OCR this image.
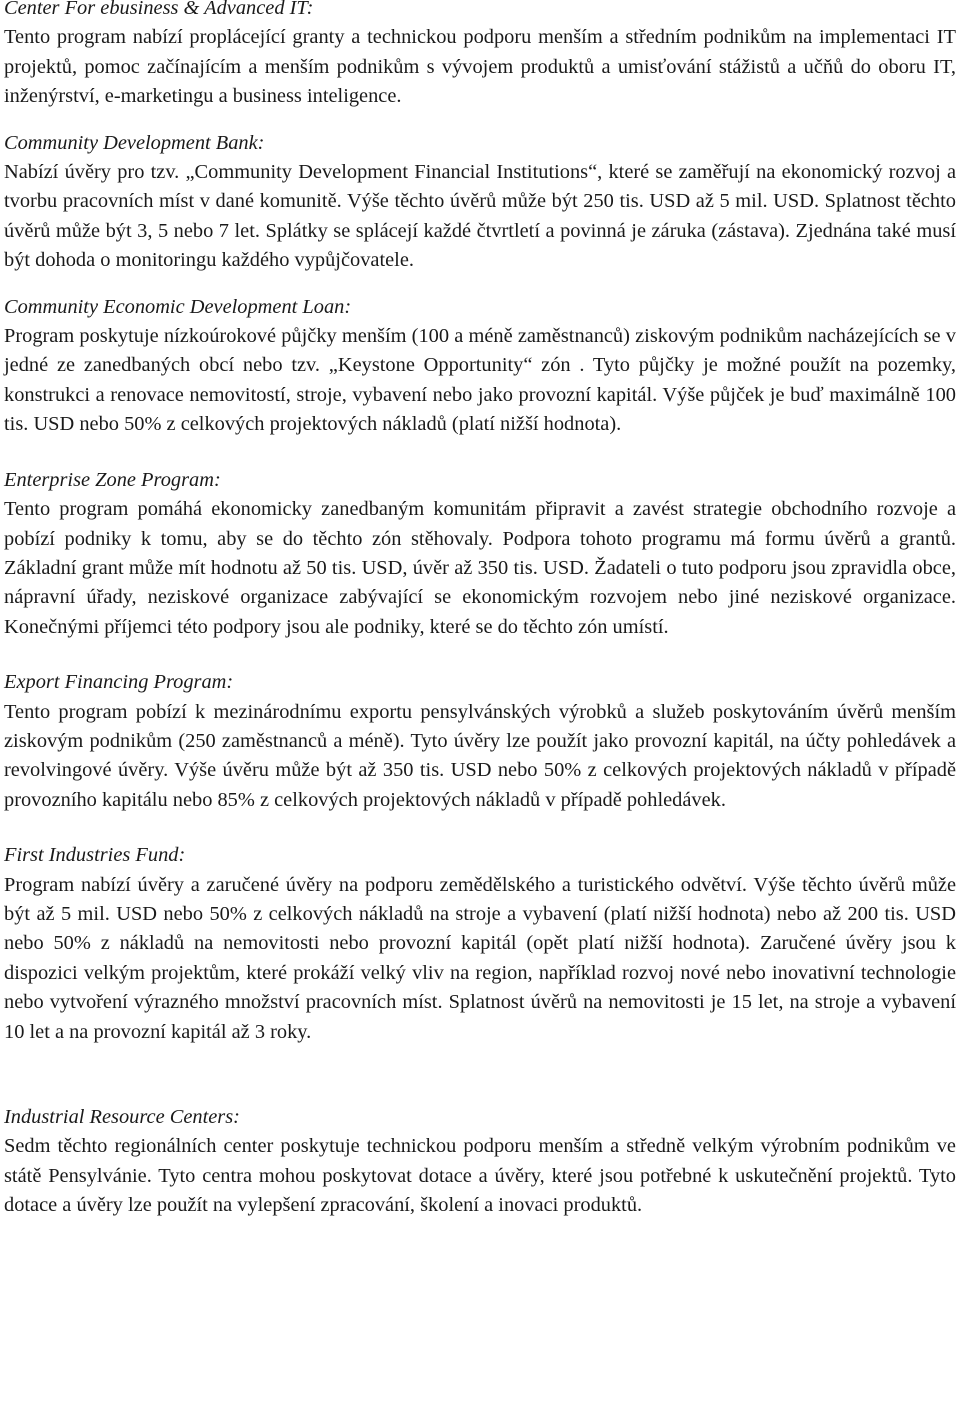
Center For ebusiness & Advanced IT:
Tento program nabízí proplácející granty a technickou podporu menším a středním podnikům na implementaci IT projektů, pomoc začínajícím a menším podnikům s vývojem produktů a umisťování stážistů a učňů do oboru IT, inženýrství, e-marketingu a business inteligence.
Community Development Bank:
Nabízí úvěry pro tzv. „Community Development Financial Institutions“, které se zaměřují na ekonomický rozvoj a tvorbu pracovních míst v dané komunitě. Výše těchto úvěrů může být 250 tis. USD až 5 mil. USD. Splatnost těchto úvěrů může být 3, 5 nebo 7 let. Splátky se splácejí každé čtvrtletí a povinná je záruka (zástava). Zjednána také musí být dohoda o monitoringu každého vypůjčovatele.
Community Economic Development Loan:
Program poskytuje nízkoúrokové půjčky menším (100 a méně zaměstnanců) ziskovým podnikům nacházejících se v jedné ze zanedbaných obcí nebo tzv. „Keystone Opportunity“ zón . Tyto půjčky je možné použít na pozemky, konstrukci a renovace nemovitostí, stroje, vybavení nebo jako provozní kapitál. Výše půjček je buď maximálně 100 tis. USD nebo 50% z celkových projektových nákladů (platí nižší hodnota).
Enterprise Zone Program:
Tento program pomáhá ekonomicky zanedbaným komunitám připravit a zavést strategie obchodního rozvoje a pobízí podniky k tomu, aby se do těchto zón stěhovaly. Podpora tohoto programu má formu úvěrů a grantů. Základní grant může mít hodnotu až 50 tis. USD, úvěr až 350 tis. USD. Žadateli o tuto podporu jsou zpravidla obce, nápravní úřady, neziskové organizace zabývající se ekonomickým rozvojem nebo jiné neziskové organizace. Konečnými příjemci této podpory jsou ale podniky, které se do těchto zón umístí.
Export Financing Program:
Tento program pobízí k mezinárodnímu exportu pensylvánských výrobků a služeb poskytováním úvěrů menším ziskovým podnikům (250 zaměstnanců a méně). Tyto úvěry lze použít jako provozní kapitál, na účty pohledávek a revolvingové úvěry. Výše úvěru může být až 350 tis. USD nebo 50% z celkových projektových nákladů v případě provozního kapitálu nebo 85% z celkových projektových nákladů v případě pohledávek.
First Industries Fund:
Program nabízí úvěry a zaručené úvěry na podporu zemědělského a turistického odvětví. Výše těchto úvěrů může být až 5 mil. USD nebo 50% z celkových nákladů na stroje a vybavení (platí nižší hodnota) nebo až 200 tis. USD nebo 50% z nákladů na nemovitosti nebo provozní kapitál (opět platí nižší hodnota). Zaručené úvěry jsou k dispozici velkým projektům, které prokáží velký vliv na region, například rozvoj nové nebo inovativní technologie nebo vytvoření výrazného množství pracovních míst. Splatnost úvěrů na nemovitosti je 15 let, na stroje a vybavení 10 let a na provozní kapitál až 3 roky.
Industrial Resource Centers:
Sedm těchto regionálních center poskytuje technickou podporu menším a středně velkým výrobním podnikům ve státě Pensylvánie. Tyto centra mohou poskytovat dotace a úvěry, které jsou potřebné k uskutečnění projektů. Tyto dotace a úvěry lze použít na vylepšení zpracování, školení a inovaci produktů.
